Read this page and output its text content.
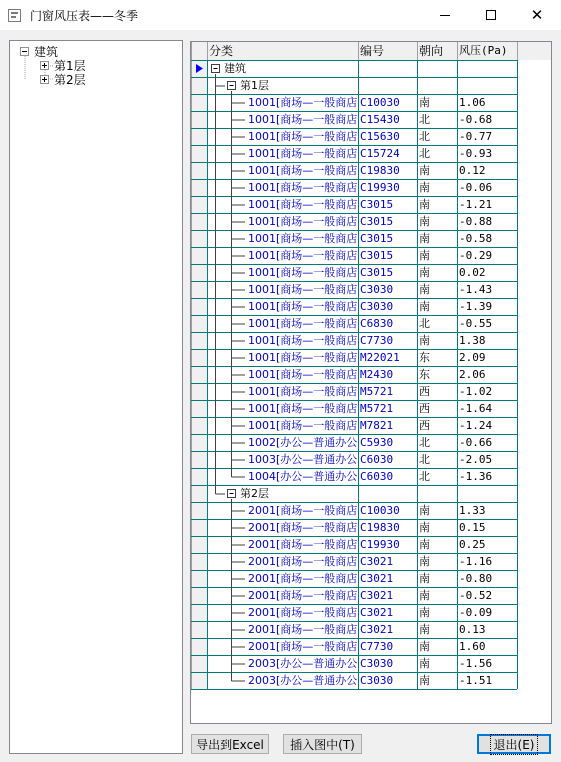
门窗风压表——冬季	✕
建筑
第1层
第2层
分类	编号	朝向 风压(Pa)
建筑
第1层
1001[商场—一般商店 C10030	南	1.06
1001[商场—一般商店 C15430	北	-0.68
1001[商场—一般商店 C15630	北	-0.77
1001[商场—一般商店 C15724	北	-0.93
1001[商场—一般商店 C19830	南	0.12
1001[商场—一般商店 C19930	南	-0.06
1001[商场—一般商店 C3015	南	-1.21
1001[商场—一般商店 C3015	南	-0.88
1001[商场—一般商店 C3015	南	-0.58
1001[商场—一般商店 C3015	南	-0.29
1001[商场—一般商店 C3015	南	0.02
1001[商场—一般商店 C3030	南	-1.43
1001[商场—一般商店 C3030	南	-1.39
1001[商场—一般商店 C6830	北	-0.55
1001[商场—一般商店 C7730	南	1.38
1001[商场—一般商店 M22021	东	2.09
1001[商场—一般商店 M2430	东	2.06
1001[商场—一般商店 M5721	西	-1.02
1001[商场—一般商店 M5721	西	-1.64
1001[商场—一般商店 M7821	西	-1.24
1002[办公—普通办公 C5930	北	-0.66
1003[办公—普通办公 C6030	北	-2.05
1004[办公—普通办公 C6030	北	-1.36
第2层
2001[商场—一般商店 C10030	南	1.33
2001[商场—一般商店 C19830	南	0.15
2001[商场—一般商店 C19930	南	0.25
2001[商场—一般商店 C3021	南	-1.16
2001[商场—一般商店 C3021	南	-0.80
2001[商场—一般商店 C3021	南	-0.52
2001[商场—一般商店 C3021	南	-0.09
2001[商场—一般商店 C3021	南	0.13
2001[商场—一般商店 C7730	南	1.60
2003[办公—普通办公 C3030	南	-1.56
2003[办公—普通办公 C3030	南	-1.51
导出到Excel 插入图中(T)	退出(E)
